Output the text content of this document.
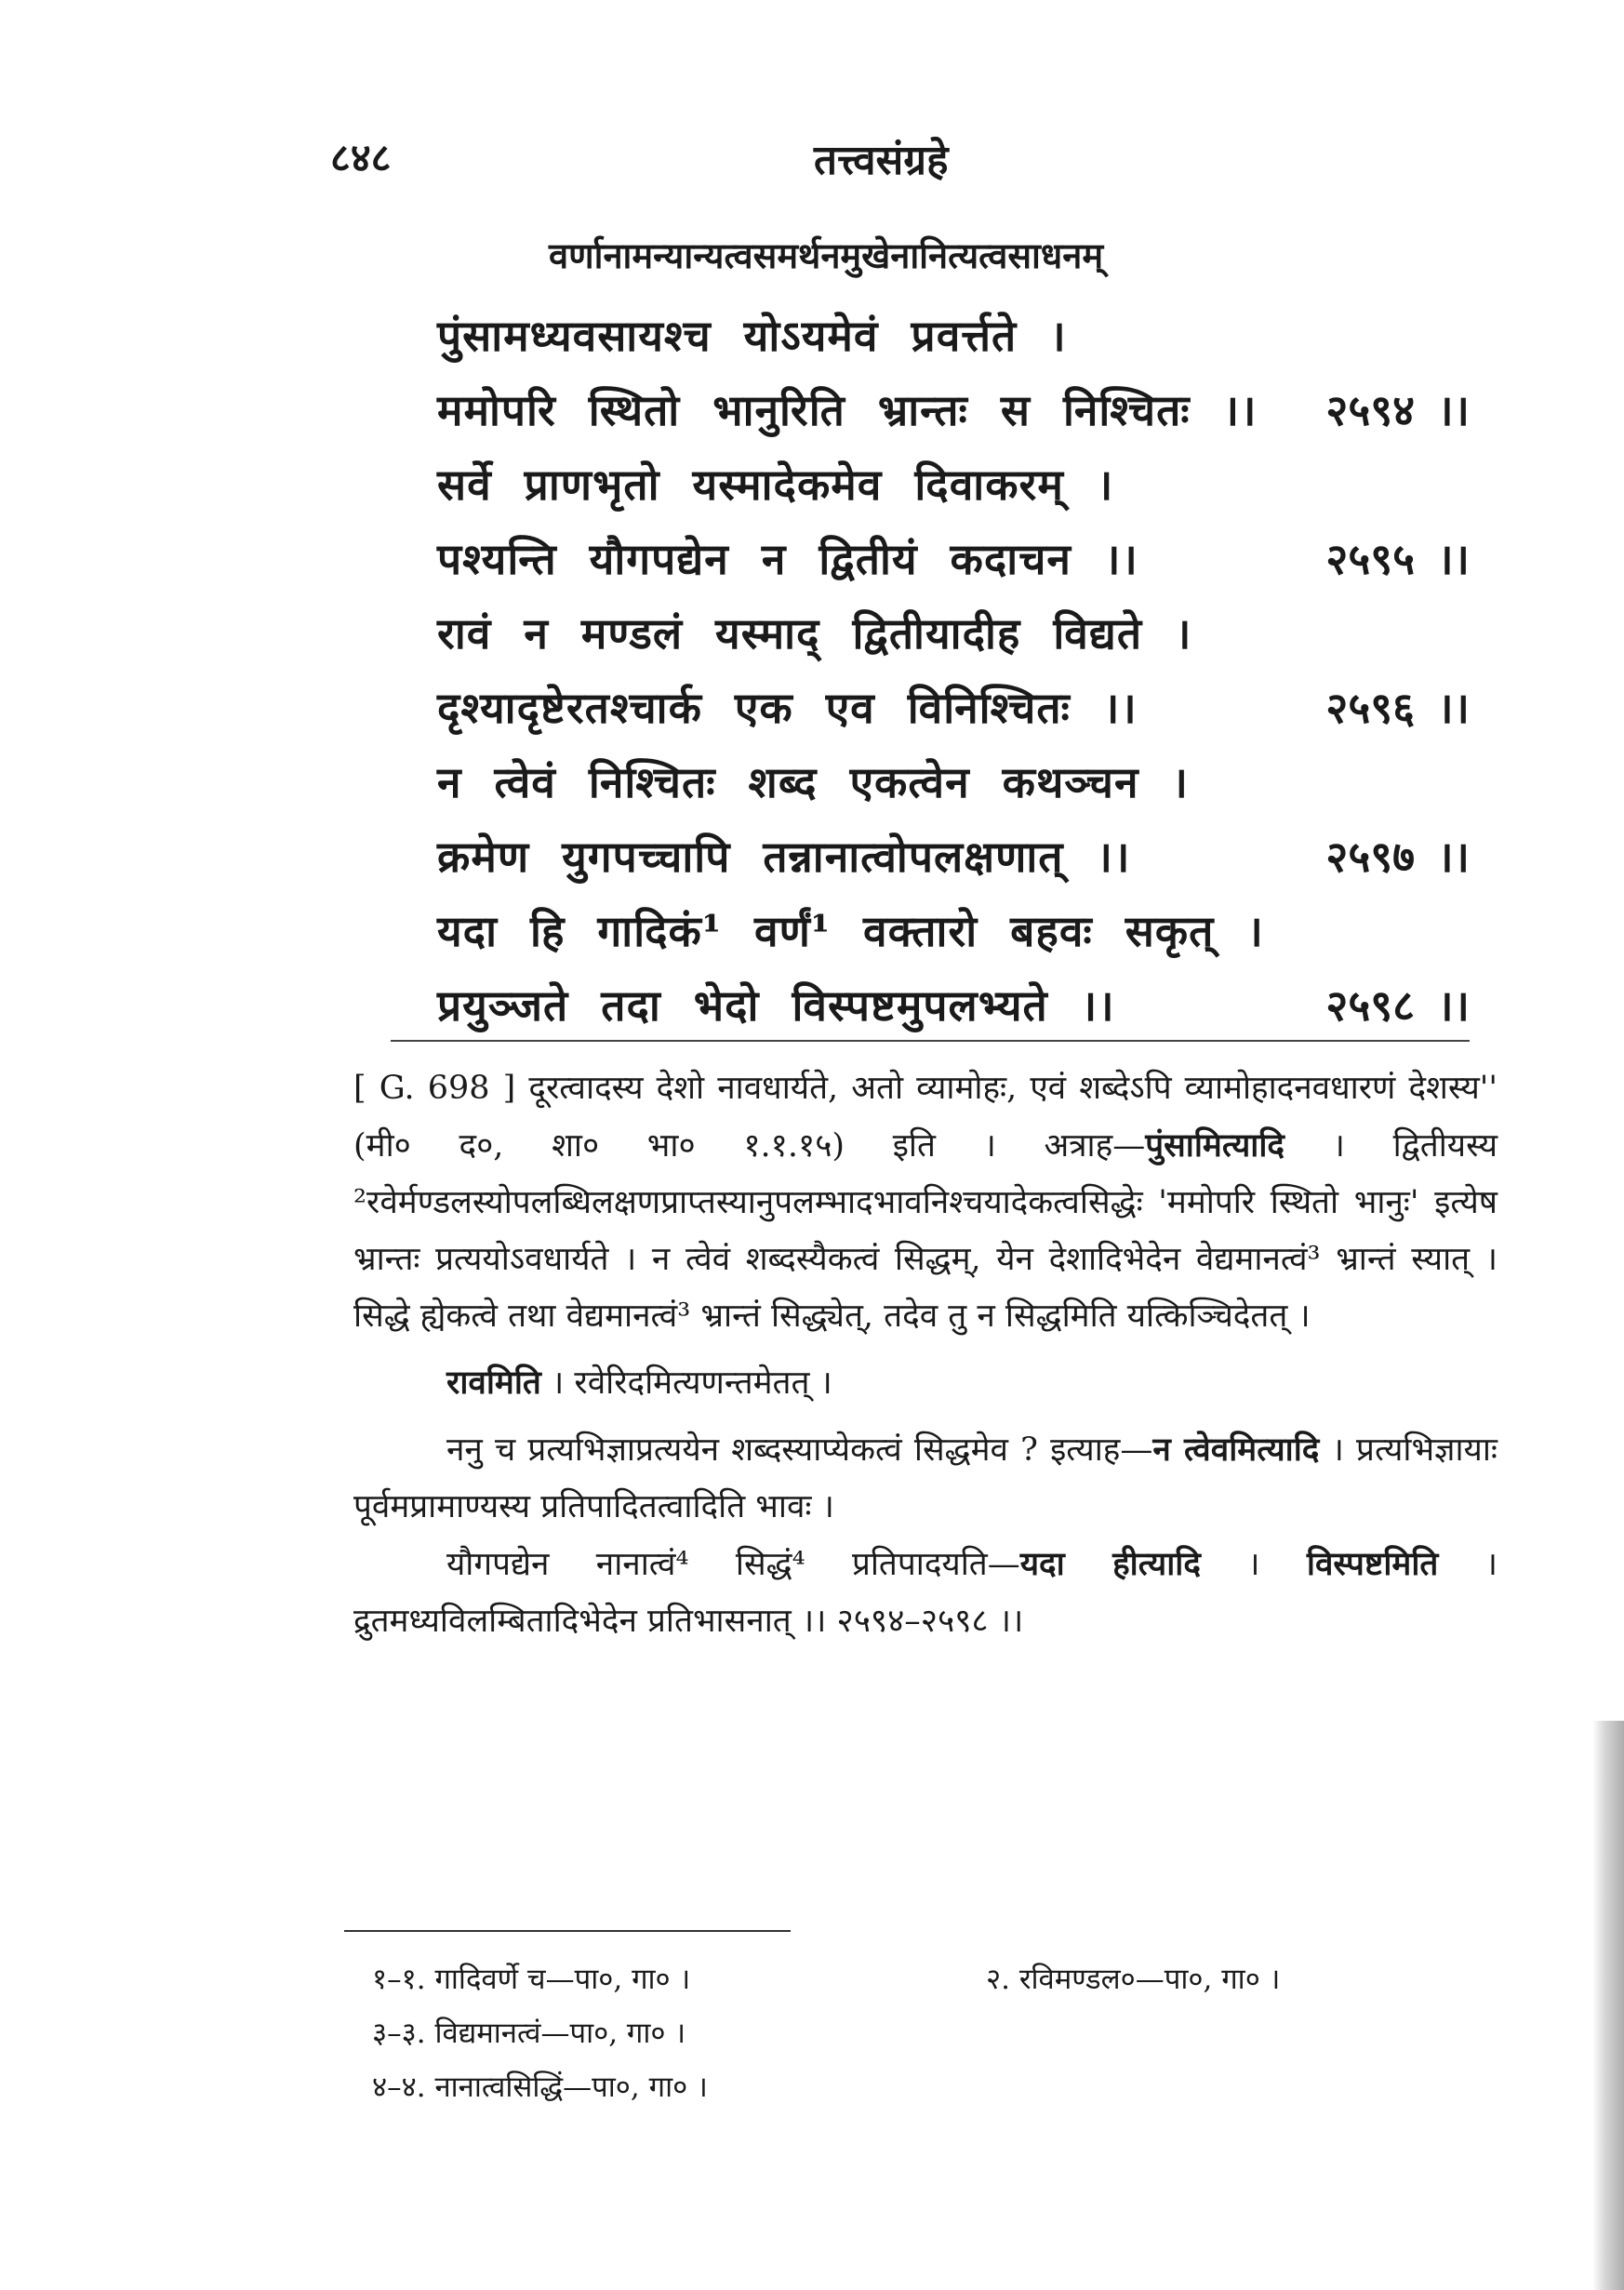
८४८	तत्त्वसंग्रहे
वर्णानामन्यान्यत्वसमर्थनमुखेनानित्यत्वसाधनम्
पुंसामध्यवसायश्च योऽयमेवं प्रवर्त्तते ।
ममोपरि स्थितो भानुरिति भ्रान्तः स निश्चितः ।।	२५९४ ।।
सर्वे प्राणभृतो यस्मादेकमेव दिवाकरम् ।
पश्यन्ति यौगपद्येन न द्वितीयं कदाचन ।।	२५९५ ।।
रावं न मण्डलं यस्माद् द्वितीयादीह विद्यते ।
दृश्यादृष्टेरतश्चार्क एक एव विनिश्चितः ।।	२५९६ ।।
न त्वेवं निश्चितः शब्द एकत्वेन कथञ्चन ।
क्रमेण युगपच्चापि तन्नानात्वोपलक्षणात् ।।	२५९७ ।।
यदा हि गादिकं¹ वर्णं¹ वक्तारो बहवः सकृत् ।
प्रयुञ्जते तदा भेदो विस्पष्टमुपलभ्यते ।।	२५९८ ।।

[ G. 698 ] दूरत्वादस्य देशो नावधार्यते, अतो व्यामोहः, एवं शब्देऽपि व्यामोहादनवधारणं देशस्य'' (मी० द०, शा० भा० १.१.१५) इति । अत्राह—पुंसामित्यादि । द्वितीयस्य ²रवेर्मण्डलस्योपलब्धिलक्षणप्राप्तस्यानुपलम्भादभावनिश्चयादेकत्वसिद्धेः 'ममोपरि स्थितो भानुः' इत्येष भ्रान्तः प्रत्ययोऽवधार्यते । न त्वेवं शब्दस्यैकत्वं सिद्धम्, येन देशादिभेदेन वेद्यमानत्वं³ भ्रान्तं स्यात् । सिद्धे ह्येकत्वे तथा वेद्यमानत्वं³ भ्रान्तं सिद्ध्येत्, तदेव तु न सिद्धमिति यत्किञ्चिदेतत् ।

रावमिति । रवेरिदमित्यणन्तमेतत् ।

ननु च प्रत्यभिज्ञाप्रत्ययेन शब्दस्याप्येकत्वं सिद्धमेव ? इत्याह—न त्वेवमित्यादि । प्रत्यभिज्ञायाः पूर्वमप्रामाण्यस्य प्रतिपादितत्वादिति भावः ।

यौगपद्येन नानात्वं⁴ सिद्धं⁴ प्रतिपादयति—यदा हीत्यादि । विस्पष्टमिति । द्रुतमध्यविलम्बितादिभेदेन प्रतिभासनात् ।। २५९४–२५९८ ।।

१–१. गादिवर्णे च—पा०, गा० ।	२. रविमण्डल०—पा०, गा० ।
३–३. विद्यमानत्वं—पा०, गा० ।
४–४. नानात्वसिद्धिं—पा०, गा० ।
